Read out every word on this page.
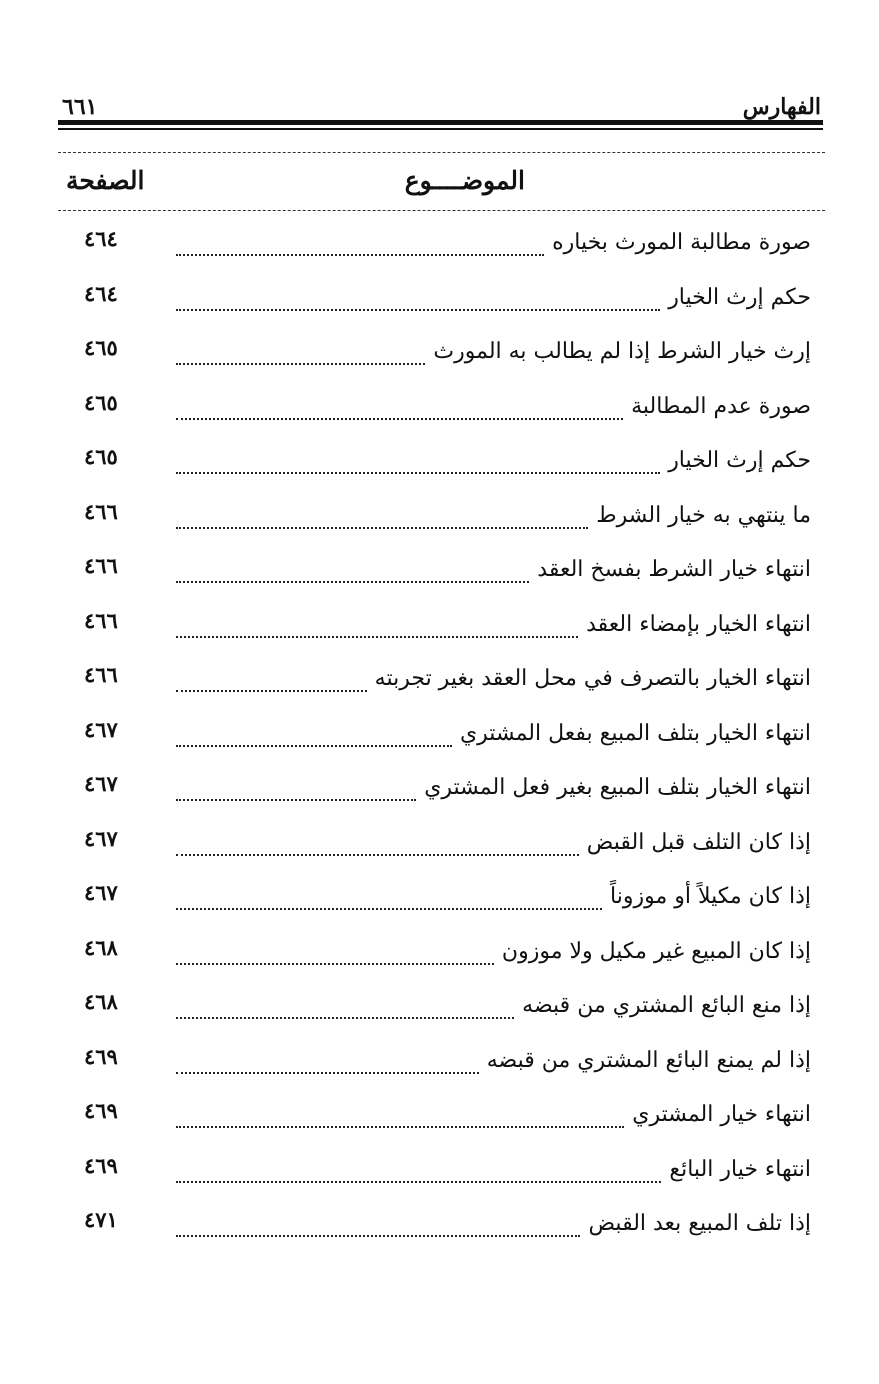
الفهارس
٦٦١
الموضــــوع
الصفحة
صورة مطالبة المورث بخياره
٤٦٤
حكم إرث الخيار
٤٦٤
إرث خيار الشرط إذا لم يطالب به المورث
٤٦٥
صورة عدم المطالبة
٤٦٥
حكم إرث الخيار
٤٦٥
ما ينتهي به خيار الشرط
٤٦٦
انتهاء خيار الشرط بفسخ العقد
٤٦٦
انتهاء الخيار بإمضاء العقد
٤٦٦
انتهاء الخيار بالتصرف في محل العقد بغير تجربته
٤٦٦
انتهاء الخيار بتلف المبيع بفعل المشتري
٤٦٧
انتهاء الخيار بتلف المبيع بغير فعل المشتري
٤٦٧
إذا كان التلف قبل القبض
٤٦٧
إذا كان مكيلاً أو موزوناً
٤٦٧
إذا كان المبيع غير مكيل ولا موزون
٤٦٨
إذا منع البائع المشتري من قبضه
٤٦٨
إذا لم يمنع البائع المشتري من قبضه
٤٦٩
انتهاء خيار المشتري
٤٦٩
انتهاء خيار البائع
٤٦٩
إذا تلف المبيع بعد القبض
٤٧١
